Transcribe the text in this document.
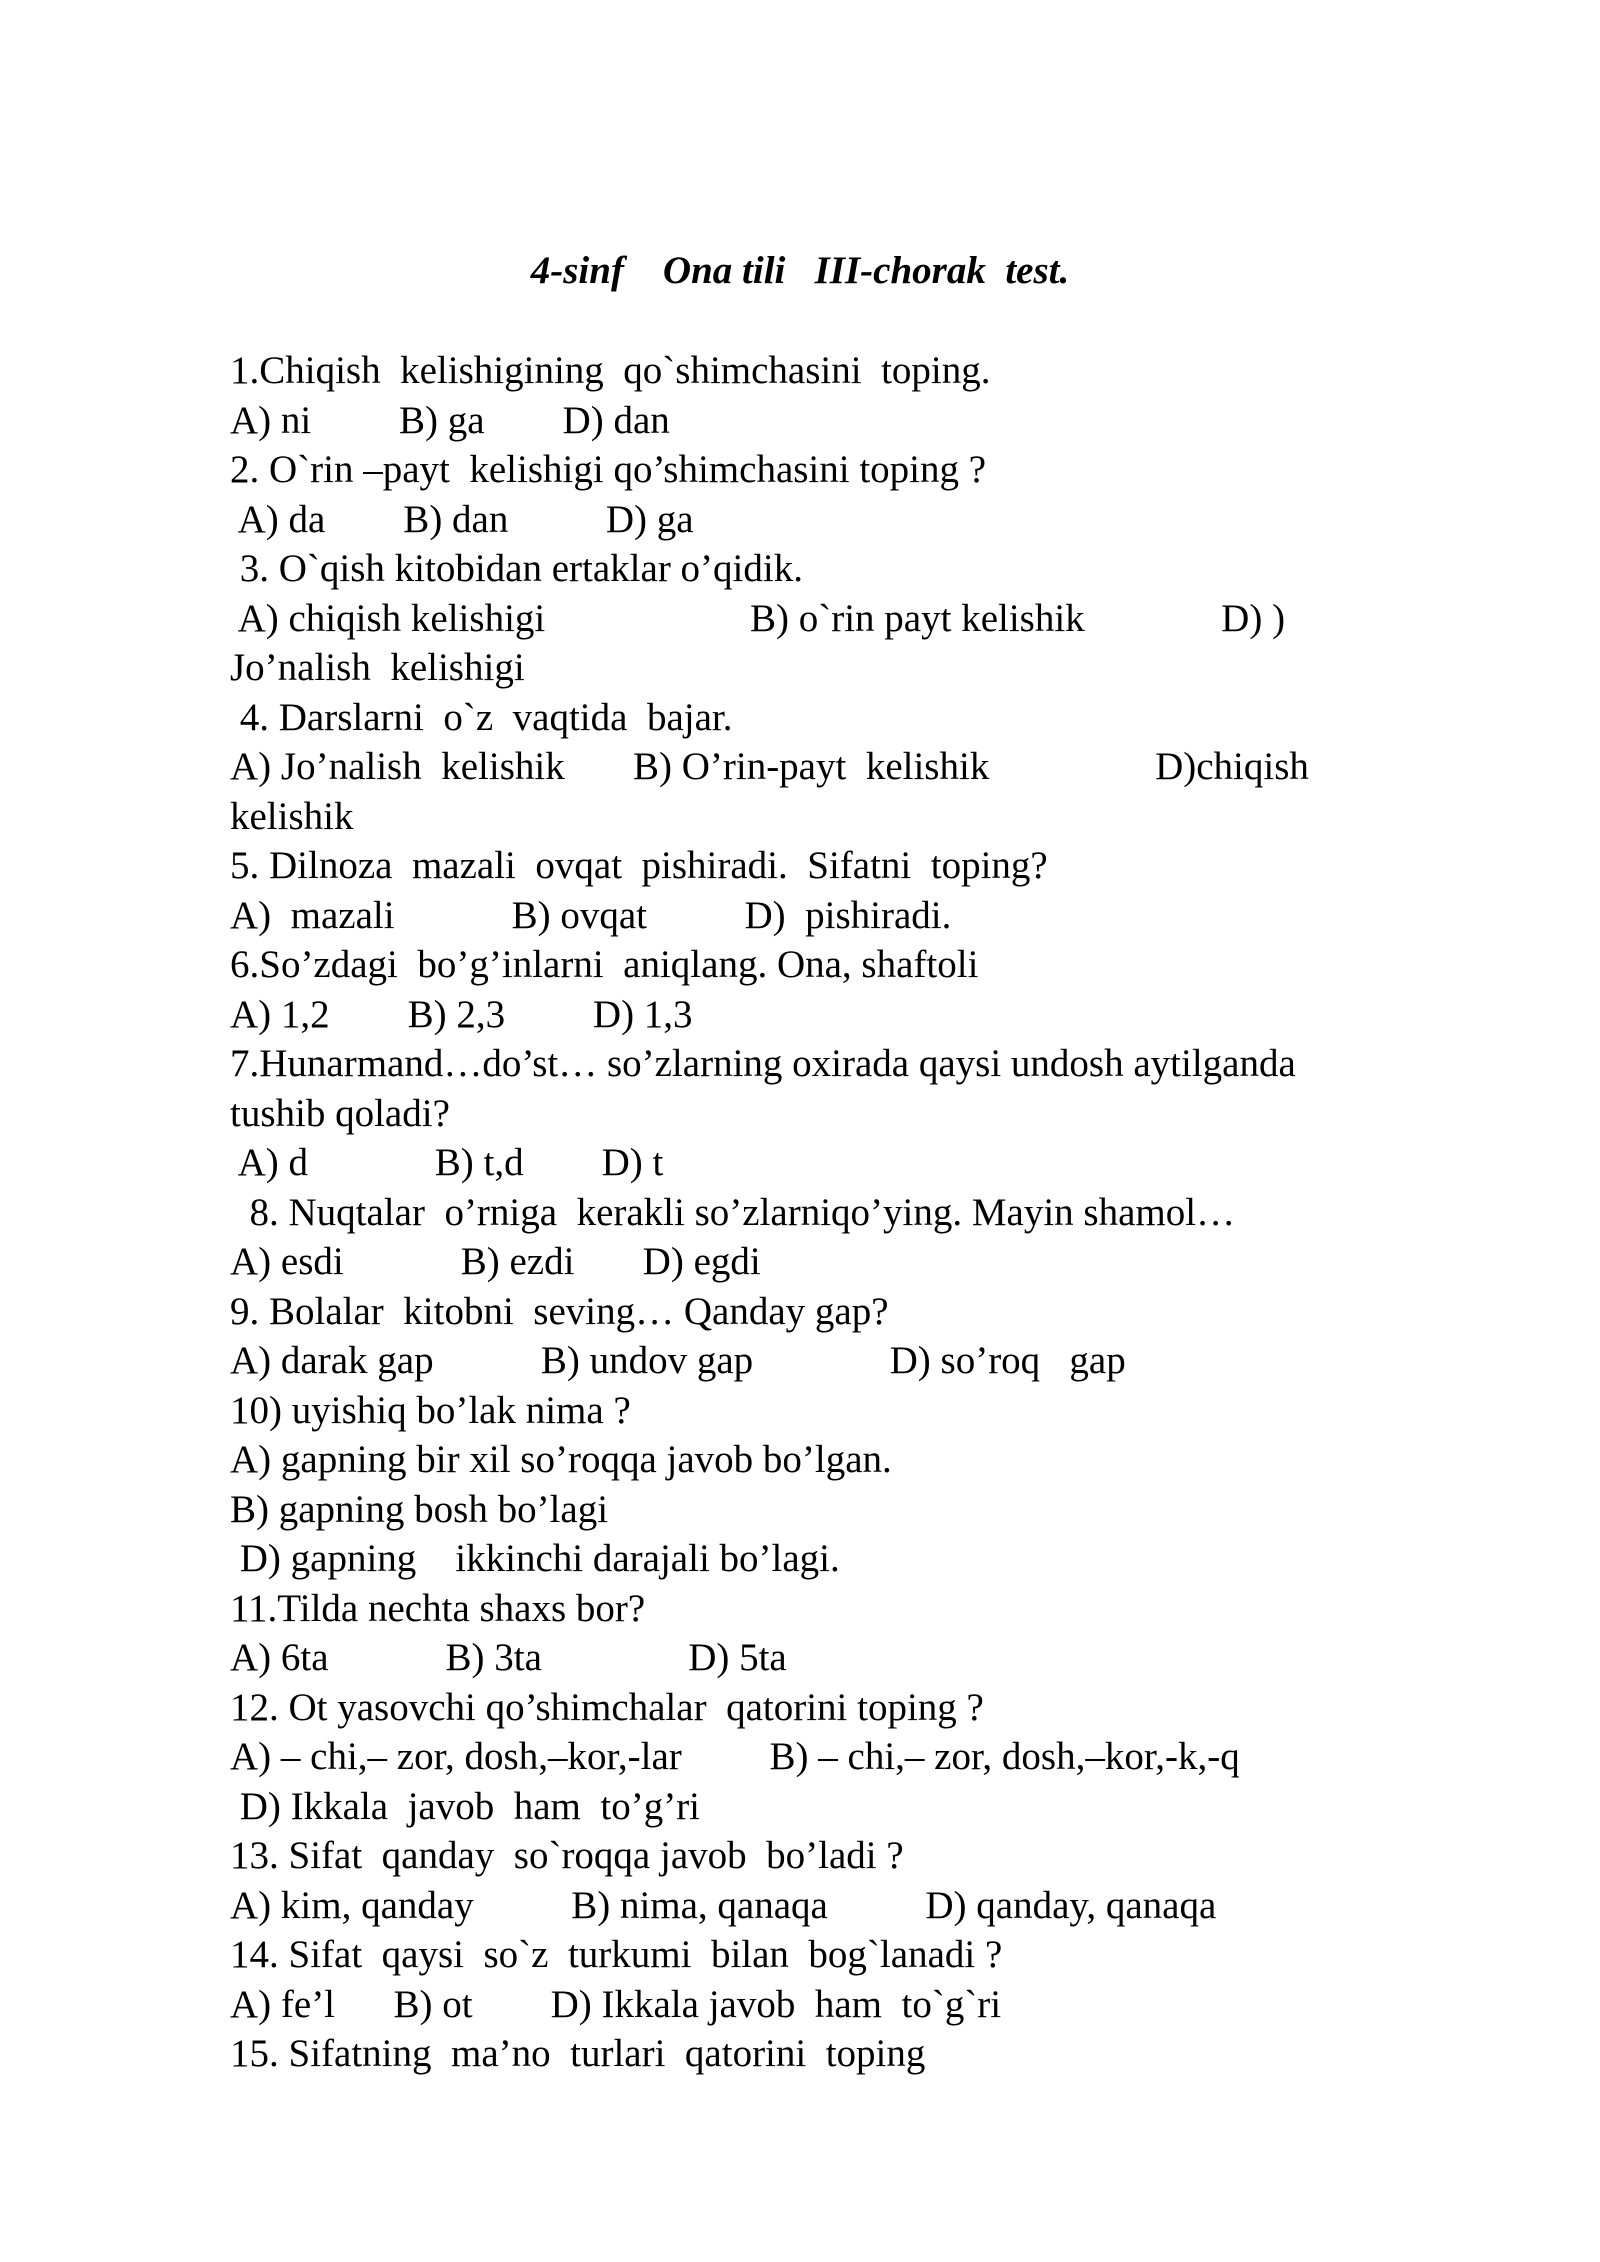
4-sinf    Ona tili   III-chorak  test.
1.Chiqish  kelishigining  qo`shimchasini  toping.
A) ni         B) ga        D) dan
2. O`rin –payt  kelishigi qo’shimchasini toping ?
A) da        B) dan          D) ga
3. O`qish kitobidan ertaklar o’qidik.
A) chiqish kelishigi                     B) o`rin payt kelishik              D) )
Jo’nalish  kelishigi
4. Darslarni  o`z  vaqtida  bajar.
A) Jo’nalish  kelishik       B) O’rin-payt  kelishik                 D)chiqish
kelishik
5. Dilnoza  mazali  ovqat  pishiradi.  Sifatni  toping?
A)  mazali            B) ovqat          D)  pishiradi.
6.So’zdagi  bo’g’inlarni  aniqlang. Ona, shaftoli
A) 1,2        B) 2,3         D) 1,3
7.Hunarmand…do’st… so’zlarning oxirada qaysi undosh aytilganda
tushib qoladi?
A) d             B) t,d        D) t
8. Nuqtalar  o’rniga  kerakli so’zlarniqo’ying. Mayin shamol…
A) esdi            B) ezdi       D) egdi
9. Bolalar  kitobni  seving… Qanday gap?
A) darak gap           B) undov gap              D) so’roq   gap
10) uyishiq bo’lak nima ?
A) gapning bir xil so’roqqa javob bo’lgan.
B) gapning bosh bo’lagi
D) gapning    ikkinchi darajali bo’lagi.
11.Tilda nechta shaxs bor?
A) 6ta            B) 3ta               D) 5ta
12. Ot yasovchi qo’shimchalar  qatorini toping ?
A) – chi,– zor, dosh,–kor,-lar         B) – chi,– zor, dosh,–kor,-k,-q
D) Ikkala  javob  ham  to’g’ri
13. Sifat  qanday  so`roqqa javob  bo’ladi ?
A) kim, qanday          B) nima, qanaqa          D) qanday, qanaqa
14. Sifat  qaysi  so`z  turkumi  bilan  bog`lanadi ?
A) fe’l      B) ot        D) Ikkala javob  ham  to`g`ri
15. Sifatning  ma’no  turlari  qatorini  toping
